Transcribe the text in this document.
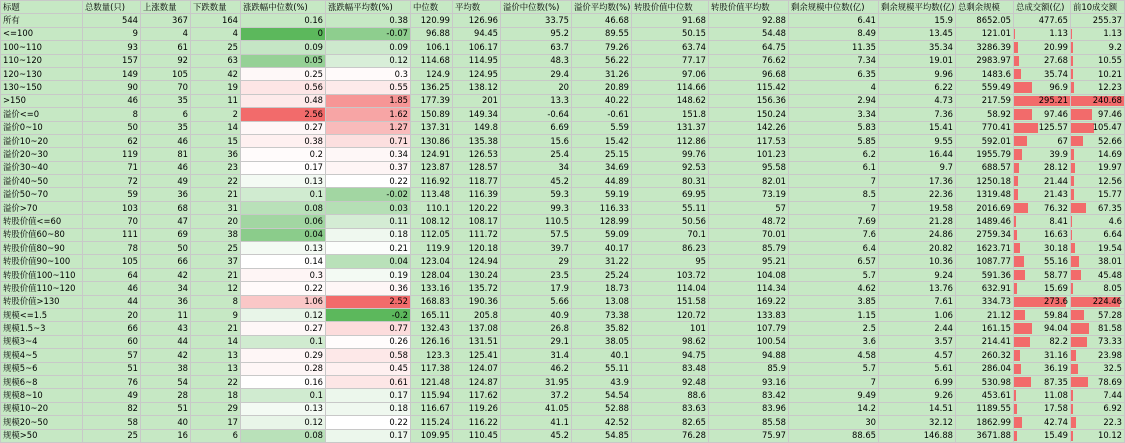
标题	总数量(只)	上涨数量	下跌数量	涨跌幅中位数(%)	涨跌幅平均数(%)	中位数	平均数	溢价中位数(%)	溢价平均数(%)	转股价值中位数	转股价值平均数	剩余规模中位数(亿)	剩余规模平均数(亿)	总剩余规模	总成交额(亿)	前10成交额
所有	544	367	164	0.16	0.38	120.99	126.96	33.75	46.68	91.68	92.88	6.41	15.9	8652.05	477.65	255.37
<=100	9	4	4	0	-0.07	96.88	94.45	95.2	89.55	50.15	54.48	8.49	13.45	121.01	1.13	1.13
100~110	93	61	25	0.09	0.09	106.1	106.17	63.7	79.26	63.74	64.75	11.35	35.34	3286.39	20.99	9.2
110~120	157	92	63	0.05	0.12	114.68	114.95	48.3	56.22	77.17	76.62	7.34	19.01	2983.97	27.68	10.55
120~130	149	105	42	0.25	0.3	124.9	124.95	29.4	31.26	97.06	96.68	6.35	9.96	1483.6	35.74	10.21
130~150	90	70	19	0.56	0.55	136.25	138.12	20	20.89	114.66	115.42	4	6.22	559.49	96.9	12.23
>150	46	35	11	0.48	1.85	177.39	201	13.3	40.22	148.62	156.36	2.94	4.73	217.59	295.21	240.68
溢价<=0	8	6	2	2.56	1.62	150.89	149.34	-0.64	-0.61	151.8	150.24	3.34	7.36	58.92	97.46	97.46
溢价0~10	50	35	14	0.27	1.27	137.31	149.8	6.69	5.59	131.37	142.26	5.83	15.41	770.41	125.57	105.47
溢价10~20	62	46	15	0.38	0.71	130.86	135.38	15.6	15.42	112.86	117.53	5.85	9.55	592.01	67	52.66
溢价20~30	119	81	36	0.2	0.34	124.91	126.53	25.4	25.15	99.76	101.23	6.2	16.44	1955.79	39.9	14.69
溢价30~40	71	46	23	0.17	0.37	123.87	128.57	34	34.69	92.53	95.58	6.1	9.7	688.57	28.12	19.97
溢价40~50	72	49	22	0.13	0.22	116.92	118.77	45.2	44.89	80.31	82.01	7	17.36	1250.18	21.44	12.56
溢价50~70	59	36	21	0.1	-0.02	113.48	116.39	59.3	59.19	69.95	73.19	8.5	22.36	1319.48	21.43	15.77
溢价>70	103	68	31	0.08	0.03	110.1	120.22	99.3	116.33	55.11	57	7	19.58	2016.69	76.32	67.35
转股价值<=60	70	47	20	0.06	0.11	108.12	108.17	110.5	128.99	50.56	48.72	7.69	21.28	1489.46	8.41	4.6
转股价值60~80	111	69	38	0.04	0.18	112.05	111.72	57.5	59.09	70.1	70.01	7.6	24.86	2759.34	16.63	6.64
转股价值80~90	78	50	25	0.13	0.21	119.9	120.18	39.7	40.17	86.23	85.79	6.4	20.82	1623.71	30.18	19.54
转股价值90~100	105	66	37	0.14	0.04	123.04	124.94	29	31.22	95	95.21	6.57	10.36	1087.77	55.16	38.01
转股价值100~110	64	42	21	0.3	0.19	128.04	130.24	23.5	25.24	103.72	104.08	5.7	9.24	591.36	58.77	45.48
转股价值110~120	46	34	12	0.22	0.36	133.16	135.72	17.9	18.73	114.04	114.34	4.62	13.76	632.91	15.69	8.05
转股价值>130	44	36	8	1.06	2.52	168.83	190.36	5.66	13.08	151.58	169.22	3.85	7.61	334.73	273.6	224.46
规模<=1.5	20	11	9	0.12	-0.2	165.11	205.8	40.9	73.38	120.72	133.83	1.15	1.06	21.12	59.84	57.28
规模1.5~3	66	43	21	0.27	0.77	132.43	137.08	26.8	35.82	101	107.79	2.5	2.44	161.15	94.04	81.58
规模3~4	60	44	14	0.1	0.26	126.16	131.51	29.1	38.05	98.62	100.54	3.6	3.57	214.41	82.2	73.33
规模4~5	57	42	13	0.29	0.58	123.3	125.41	31.4	40.1	94.75	94.88	4.58	4.57	260.32	31.16	23.98
规模5~6	51	38	13	0.28	0.45	117.38	124.07	46.2	55.11	83.48	85.9	5.7	5.61	286.04	36.19	32.5
规模6~8	76	54	22	0.16	0.61	121.48	124.87	31.95	43.9	92.48	93.16	7	6.99	530.98	87.35	78.69
规模8~10	49	28	18	0.1	0.17	115.94	117.62	37.2	54.54	88.6	83.42	9.49	9.26	453.61	11.08	7.44
规模10~20	82	51	29	0.13	0.18	116.67	119.26	41.05	52.88	83.63	83.96	14.2	14.51	1189.55	17.58	6.92
规模20~50	58	40	17	0.12	0.22	115.24	116.22	41.1	42.52	82.65	85.58	30	32.12	1862.99	42.74	22.3
规模>50	25	16	6	0.08	0.17	109.95	110.45	45.2	54.85	76.28	75.97	88.65	146.88	3671.88	15.49	10.12
